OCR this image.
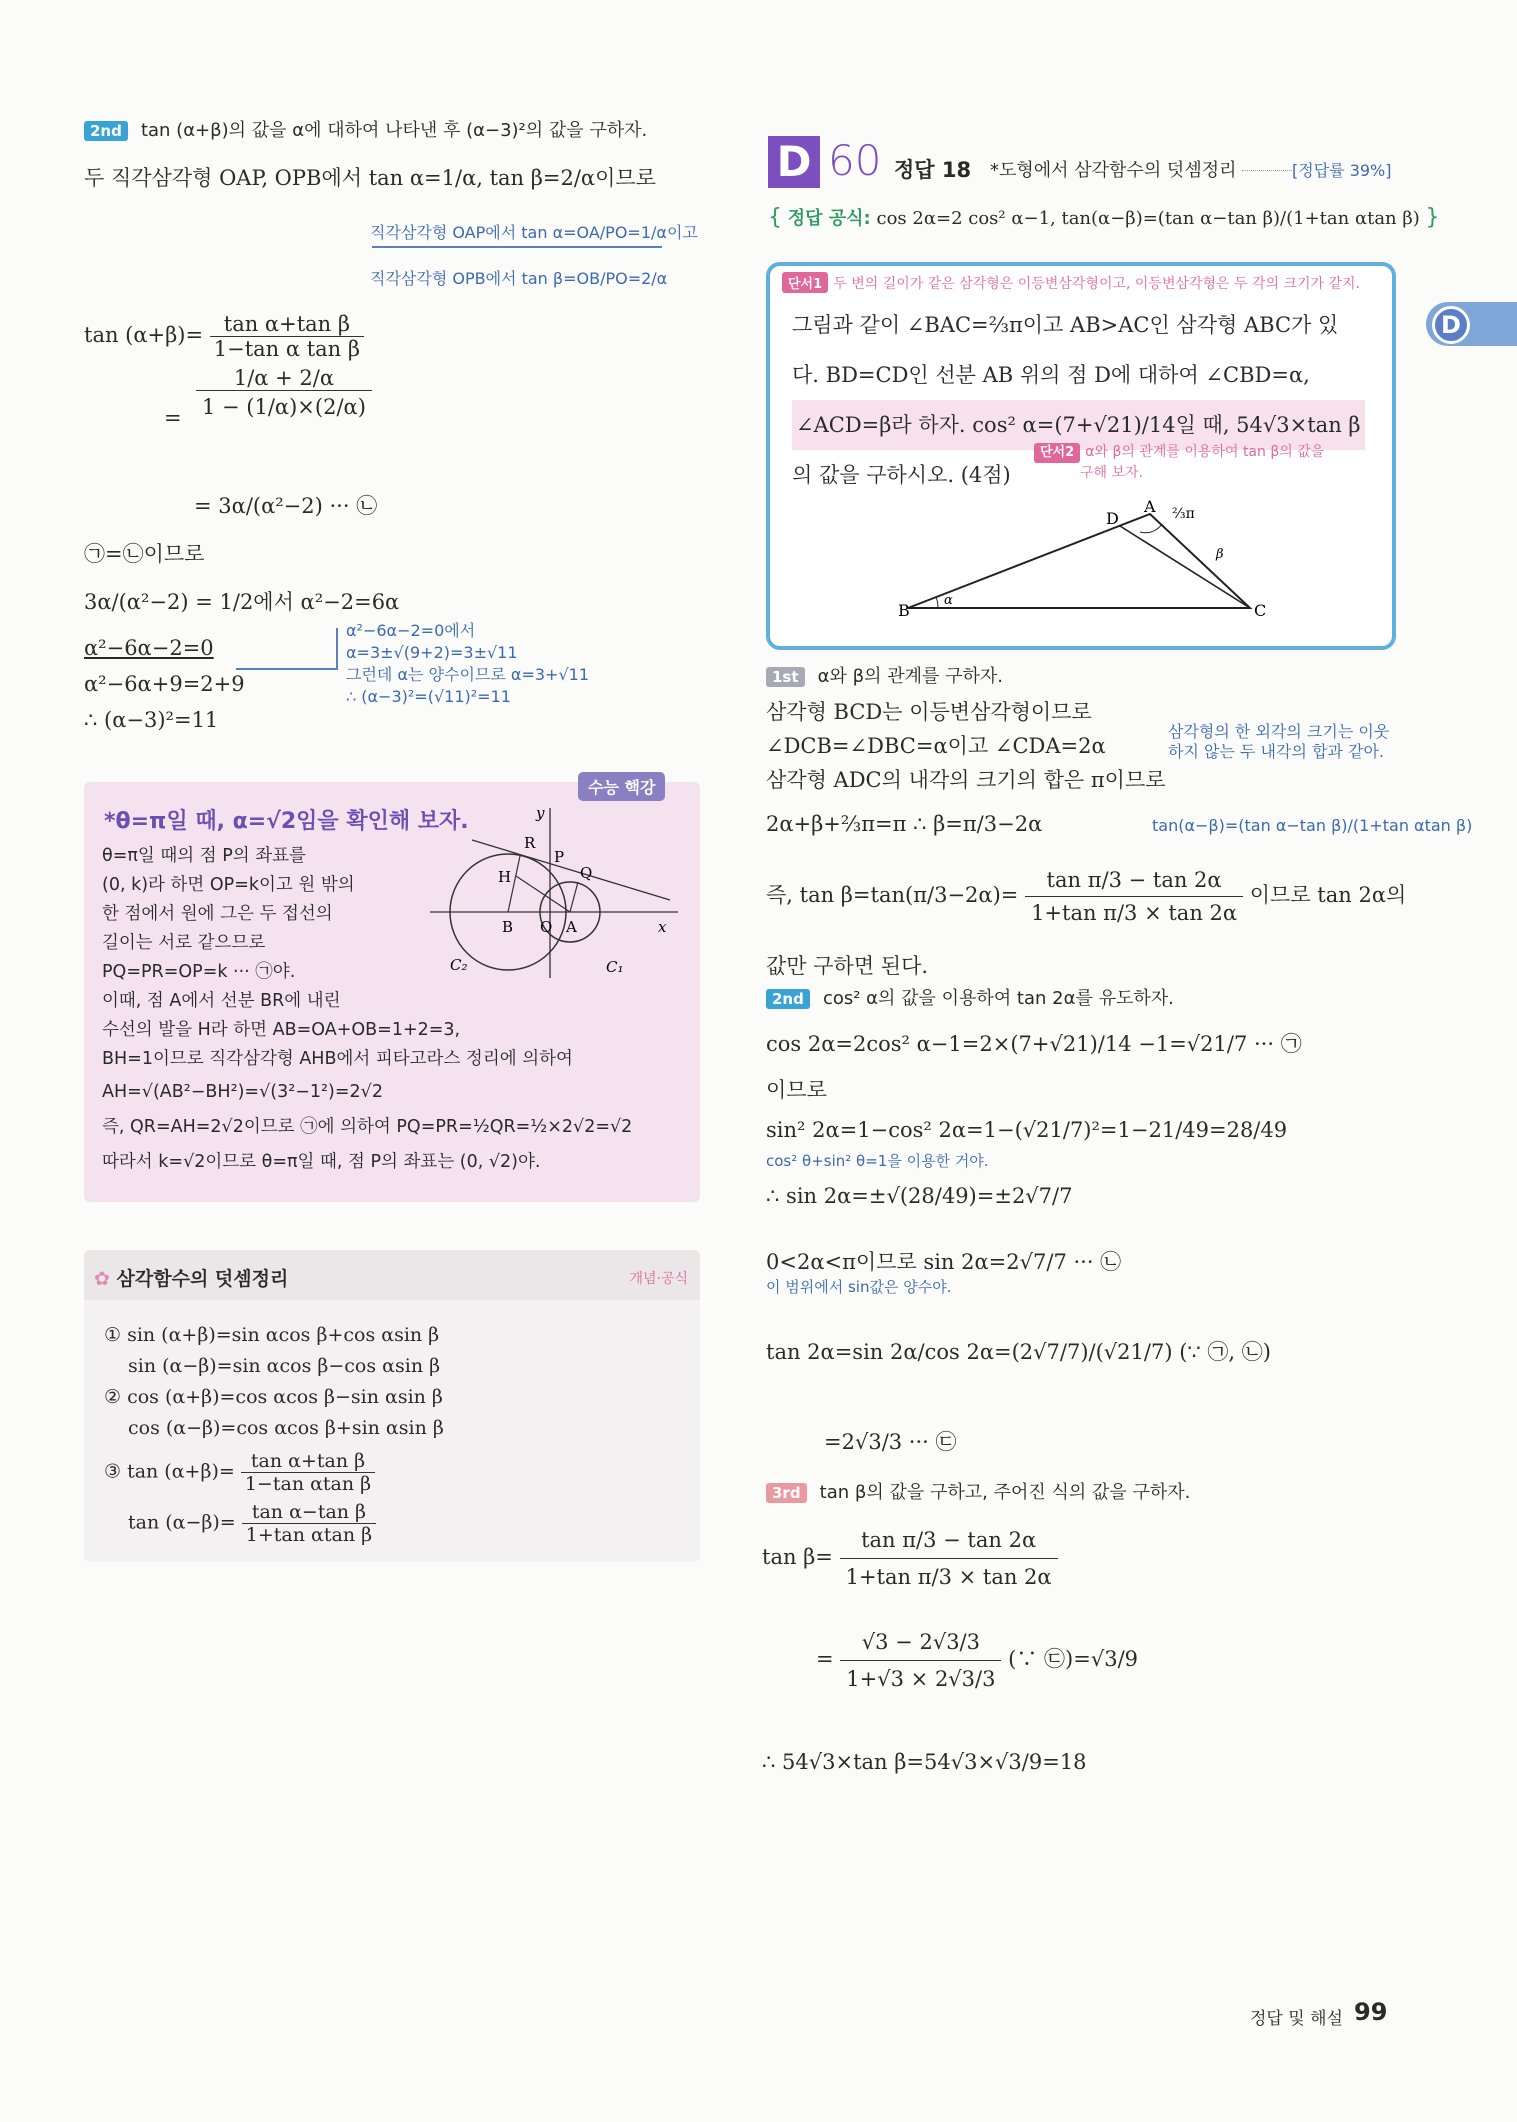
2nd tan (α+β)의 값을 α에 대하여 나타낸 후 (α−3)²의 값을 구하자.
두 직각삼각형 OAP, OPB에서 tan α=1/α, tan β=2/α이므로
직각삼각형 OAP에서 tan α=OA/PO=1/α이고
직각삼각형 OPB에서 tan β=OB/PO=2/α
$\tan (\alpha+\beta)= \frac{\text{tan α+tan β}}{\text{1−tan α tan β}}$
=
1/α + 2/α
1 − (1/α)×(2/α)
= 3α/(α²−2) ··· ㉡
㉠=㉡이므로
3α/(α²−2) = 1/2에서 α²−2=6α
α²−6α−2=0
α²−6α+9=2+9
∴ (α−3)²=11
α²−6α−2=0에서
α=3±√(9+2)=3±√11
그런데 α는 양수이므로 α=3+√11
∴ (α−3)²=(√11)²=11
수능 핵강
*θ=π일 때, α=√2임을 확인해 보자.
θ=π일 때의 점 P의 좌표를
(0, k)라 하면 OP=k이고 원 밖의
한 점에서 원에 그은 두 접선의
길이는 서로 같으므로
PQ=PR=OP=k ··· ㉠야.
이때, 점 A에서 선분 BR에 내린
수선의 발을 H라 하면 AB=OA+OB=1+2=3,
BH=1이므로 직각삼각형 AHB에서 피타고라스 정리에 의하여
AH=√(AB²−BH²)=√(3²−1²)=2√2
즉, QR=AH=2√2이므로 ㉠에 의하여 PQ=PR=½QR=½×2√2=√2
따라서 k=√2이므로 θ=π일 때, 점 P의 좌표는 (0, √2)야.
R
P
Q
H
B O A	x
y
C₂	C₁
✿ 삼각함수의 덧셈정리	개념·공식
① sin (α+β)=sin αcos β+cos αsin β
sin (α−β)=sin αcos β−cos αsin β
② cos (α+β)=cos αcos β−sin αsin β
cos (α−β)=cos αcos β+sin αsin β
③ $\tan (\alpha+\beta)= \frac{\text{tan α+tan β}}{\text{1−tan αtan β}}$
$\tan (\alpha-\beta)= \frac{\text{tan α−tan β}}{\text{1+tan αtan β}}$
D 60 정답 18 *도형에서 삼각함수의 덧셈정리	[정답률 39%]
{ 정답 공식: cos 2α=2 cos² α−1, tan(α−β)=(tan α−tan β)/(1+tan αtan β) }
단서1 두 변의 길이가 같은 삼각형은 이등변삼각형이고, 이등변삼각형은 두 각의 크기가 같지.
그림과 같이 ∠BAC=⅔π이고 AB>AC인 삼각형 ABC가 있
다. BD=CD인 선분 AB 위의 점 D에 대하여 ∠CBD=α,
∠ACD=β라 하자. cos² α=(7+√21)/14일 때, 54√3×tan β
의 값을 구하시오. (4점)
단서2 α와 β의 관계를 이용하여 tan β의 값을
구해 보자.
B
A
C
D
α
β
⅔π
1st α와 β의 관계를 구하자.
삼각형 BCD는 이등변삼각형이므로
∠DCB=∠DBC=α이고 ∠CDA=2α
삼각형의 한 외각의 크기는 이웃하지 않는 두 내각의 합과 같아.
삼각형 ADC의 내각의 크기의 합은 π이므로
2α+β+⅔π=π ∴ β=π/3−2α	tan(α−β)=(tan α−tan β)/(1+tan αtan β)
즉, $\tan \beta=\tan(\pi/3-2\alpha)= \frac{\text{tan π/3 − tan 2α}}{\text{1+tan π/3 × tan 2α}}$ 이므로 tan 2α의
값만 구하면 된다.
2nd cos² α의 값을 이용하여 tan 2α를 유도하자.
cos 2α=2cos² α−1=2×(7+√21)/14 −1=√21/7 ··· ㉠
이므로
sin² 2α=1−cos² 2α=1−(√21/7)²=1−21/49=28/49
cos² θ+sin² θ=1을 이용한 거야.
∴ sin 2α=±√(28/49)=±2√7/7
0<2α<π이므로 sin 2α=2√7/7 ··· ㉡
이 범위에서 sin값은 양수야.
tan 2α=sin 2α/cos 2α=(2√7/7)/(√21/7) (∵ ㉠, ㉡)
=2√3/3 ··· ㉢
3rd tan β의 값을 구하고, 주어진 식의 값을 구하자.
$\tan \beta= \frac{\text{tan π/3 − tan 2α}}{\text{1+tan π/3 × tan 2α}}$
= $\frac{√3 - 2√3/3}{1+√3 \times 2√3/3}$ (∵ ㉢)=√3/9
∴ 54√3×tan β=54√3×√3/9=18
D
정답 및 해설 99
